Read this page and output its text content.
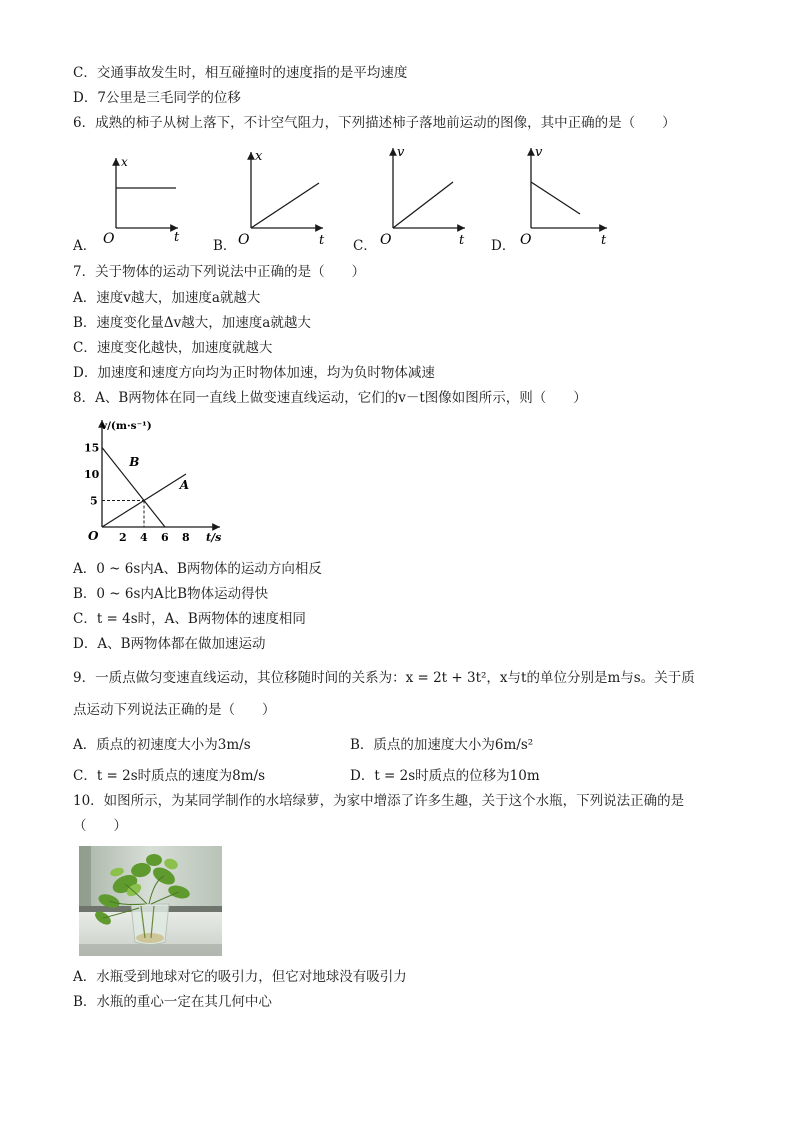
C．交通事故发生时，相互碰撞时的速度指的是平均速度
D．7公里是三毛同学的位移
6．成熟的柿子从树上落下，不计空气阻力，下列描述柿子落地前运动的图像，其中正确的是（　　）
x
t
O
x
t
O
v
t
O
v
t
O
A．	B．	C．	D．
7．关于物体的运动下列说法中正确的是（　　）
A．速度v越大，加速度a就越大
B．速度变化量Δv越大，加速度a就越大
C．速度变化越快，加速度就越大
D．加速度和速度方向均为正时物体加速，均为负时物体减速
8．A、B两物体在同一直线上做变速直线运动，它们的v－t图像如图所示，则（　　）
v/(m·s⁻¹)
t/s
O 2 4 6 8
5
10
15
B
A
A．0 ~ 6s内A、B两物体的运动方向相反
B．0 ~ 6s内A比B物体运动得快
C．t = 4s时，A、B两物体的速度相同
D．A、B两物体都在做加速运动
9．一质点做匀变速直线运动，其位移随时间的关系为：x = 2t + 3t²，x与t的单位分别是m与s。关于质
点运动下列说法正确的是（　　）
A．质点的初速度大小为3m/s	B．质点的加速度大小为6m/s²
C．t = 2s时质点的速度为8m/s	D．t = 2s时质点的位移为10m
10．如图所示，为某同学制作的水培绿萝，为家中增添了许多生趣，关于这个水瓶，下列说法正确的是
（　　）
A．水瓶受到地球对它的吸引力，但它对地球没有吸引力
B．水瓶的重心一定在其几何中心
